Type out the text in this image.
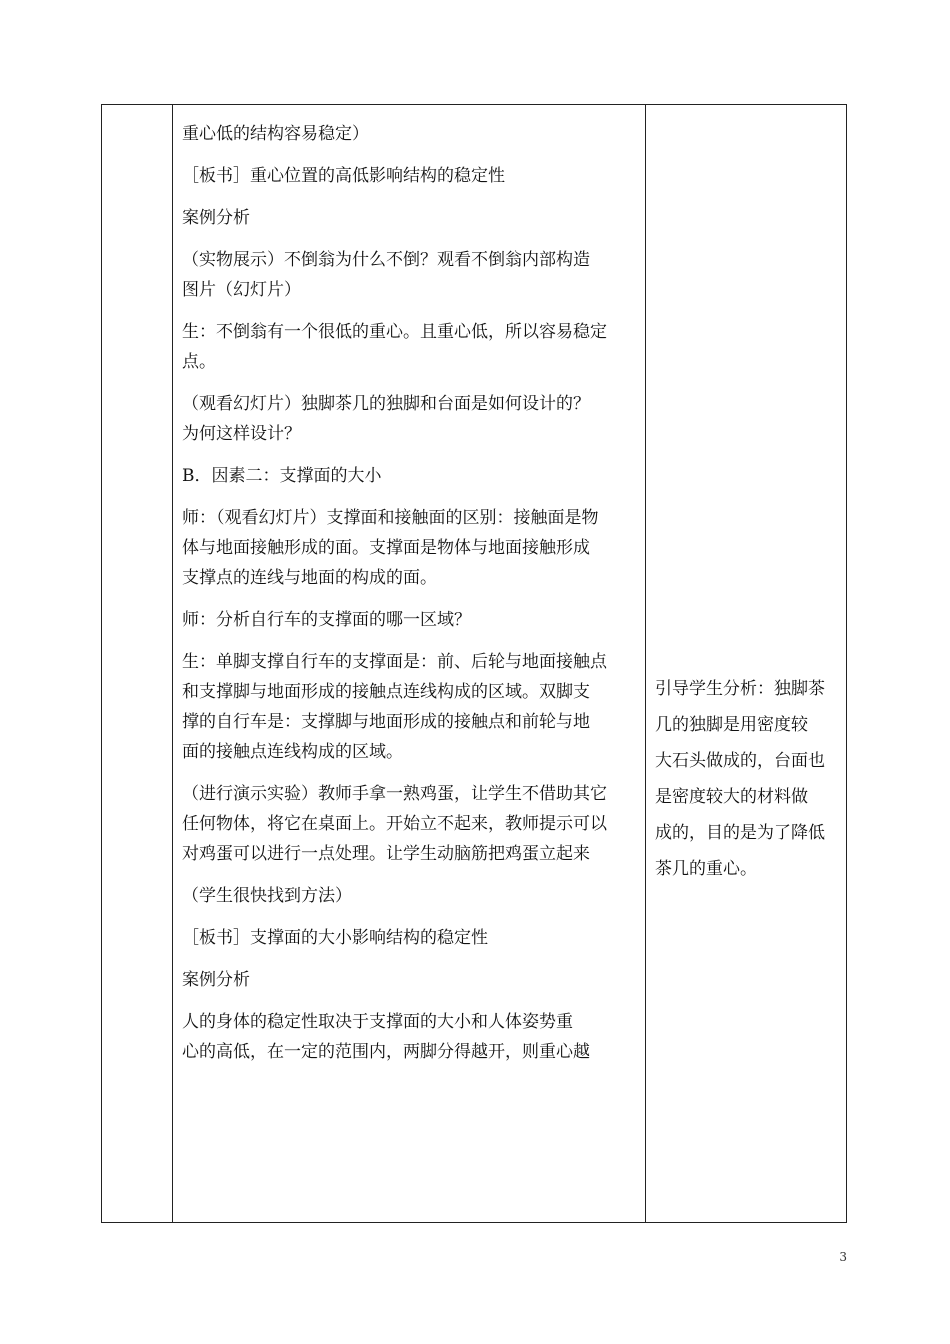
重心低的结构容易稳定）
［板书］重心位置的高低影响结构的稳定性
案例分析
（实物展示）不倒翁为什么不倒？观看不倒翁内部构造
图片（幻灯片）
生：不倒翁有一个很低的重心。且重心低，所以容易稳定
点。
（观看幻灯片）独脚茶几的独脚和台面是如何设计的？
为何这样设计？
B．因素二：支撑面的大小
师：（观看幻灯片）支撑面和接触面的区别：接触面是物
体与地面接触形成的面。支撑面是物体与地面接触形成
支撑点的连线与地面的构成的面。
师：分析自行车的支撑面的哪一区域？
生：单脚支撑自行车的支撑面是：前、后轮与地面接触点
和支撑脚与地面形成的接触点连线构成的区域。双脚支
撑的自行车是：支撑脚与地面形成的接触点和前轮与地
面的接触点连线构成的区域。
（进行演示实验）教师手拿一熟鸡蛋，让学生不借助其它
任何物体，将它在桌面上。开始立不起来，教师提示可以
对鸡蛋可以进行一点处理。让学生动脑筋把鸡蛋立起来
（学生很快找到方法）
［板书］支撑面的大小影响结构的稳定性
案例分析
人的身体的稳定性取决于支撑面的大小和人体姿势重
心的高低，在一定的范围内，两脚分得越开，则重心越
引导学生分析：独脚茶
几的独脚是用密度较
大石头做成的，台面也
是密度较大的材料做
成的，目的是为了降低
茶几的重心。
3
